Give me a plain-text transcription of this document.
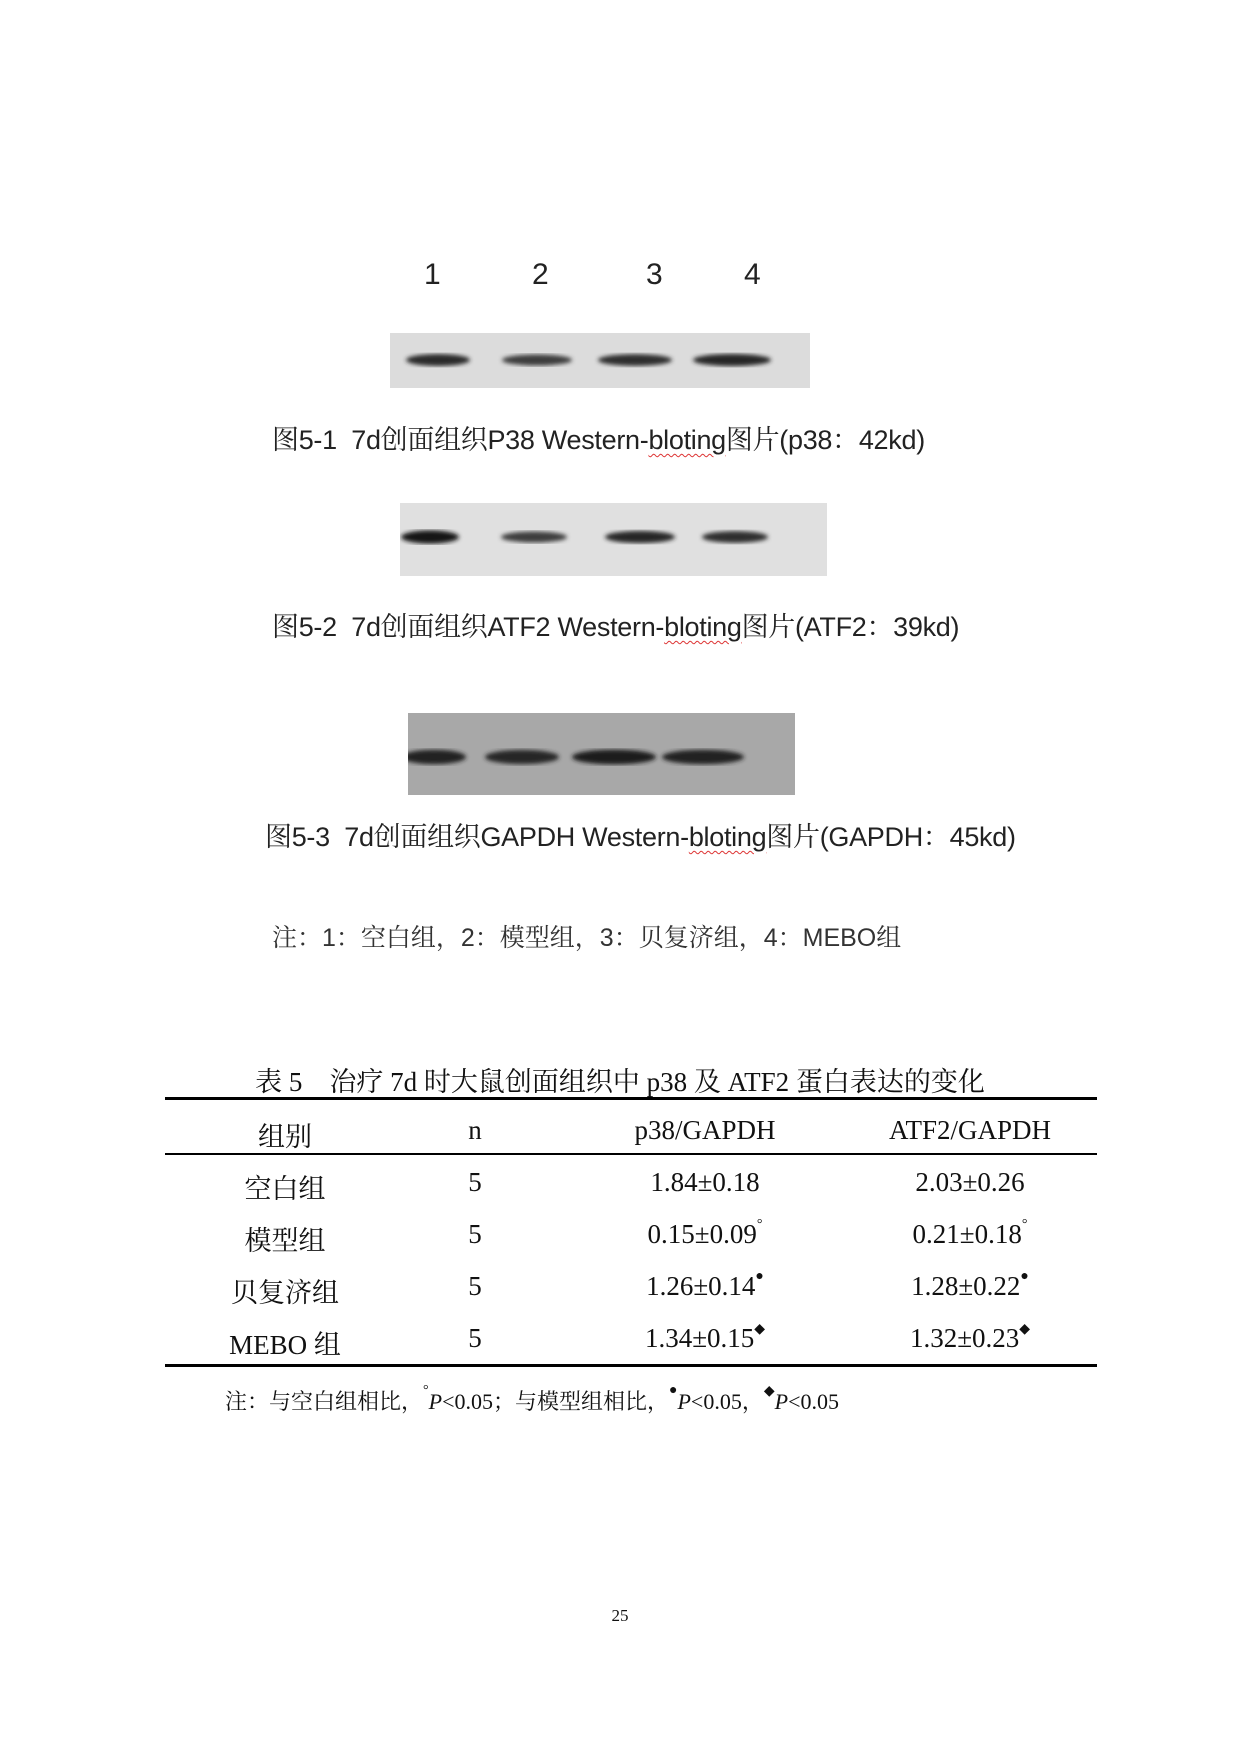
1	2	3	4
图5-1 7d创面组织P38 Western-bloting图片(p38：42kd)
图5-2 7d创面组织ATF2 Western-bloting图片(ATF2：39kd)
图5-3 7d创面组织GAPDH Western-bloting图片(GAPDH：45kd)
注：1：空白组，2：模型组，3：贝复济组，4：MEBO组
表 5　治疗 7d 时大鼠创面组织中 p38 及 ATF2 蛋白表达的变化
组别	n	p38/GAPDH	ATF2/GAPDH
空白组	5	1.84±0.18	2.03±0.26
模型组	5	0.15±0.09°	0.21±0.18°
贝复济组	5	1.26±0.14●	1.28±0.22●
MEBO 组	5	1.34±0.15◆	1.32±0.23◆
注：与空白组相比，°P<0.05；与模型组相比，●P<0.05，◆P<0.05
25
